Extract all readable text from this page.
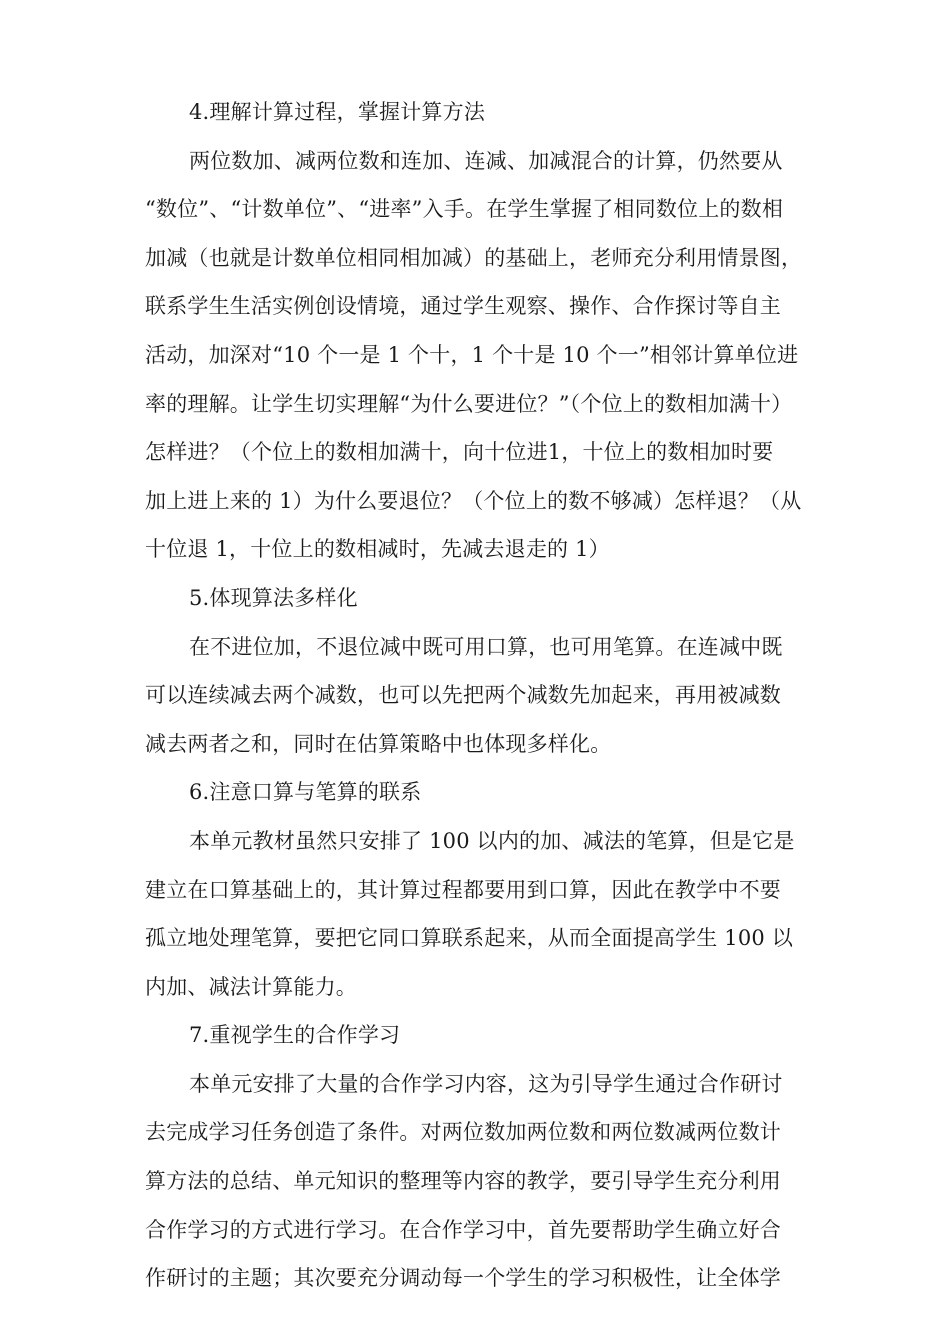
4.理解计算过程，掌握计算方法
两位数加、减两位数和连加、连减、加减混合的计算，仍然要从
“数位”、“计数单位”、“进率”入手。在学生掌握了相同数位上的数相
加减（也就是计数单位相同相加减）的基础上，老师充分利用情景图，
联系学生生活实例创设情境，通过学生观察、操作、合作探讨等自主
活动，加深对“10 个一是 1 个十，1 个十是 10 个一”相邻计算单位进
率的理解。让学生切实理解“为什么要进位？”（个位上的数相加满十）
怎样进？（个位上的数相加满十，向十位进1，十位上的数相加时要
加上进上来的 1）为什么要退位？（个位上的数不够减）怎样退？（从
十位退 1，十位上的数相减时，先减去退走的 1）
5.体现算法多样化
在不进位加，不退位减中既可用口算，也可用笔算。在连减中既
可以连续减去两个减数，也可以先把两个减数先加起来，再用被减数
减去两者之和，同时在估算策略中也体现多样化。
6.注意口算与笔算的联系
本单元教材虽然只安排了 100 以内的加、减法的笔算，但是它是
建立在口算基础上的，其计算过程都要用到口算，因此在教学中不要
孤立地处理笔算，要把它同口算联系起来，从而全面提高学生 100 以
内加、减法计算能力。
7.重视学生的合作学习
本单元安排了大量的合作学习内容，这为引导学生通过合作研讨
去完成学习任务创造了条件。对两位数加两位数和两位数减两位数计
算方法的总结、单元知识的整理等内容的教学，要引导学生充分利用
合作学习的方式进行学习。在合作学习中，首先要帮助学生确立好合
作研讨的主题；其次要充分调动每一个学生的学习积极性，让全体学
